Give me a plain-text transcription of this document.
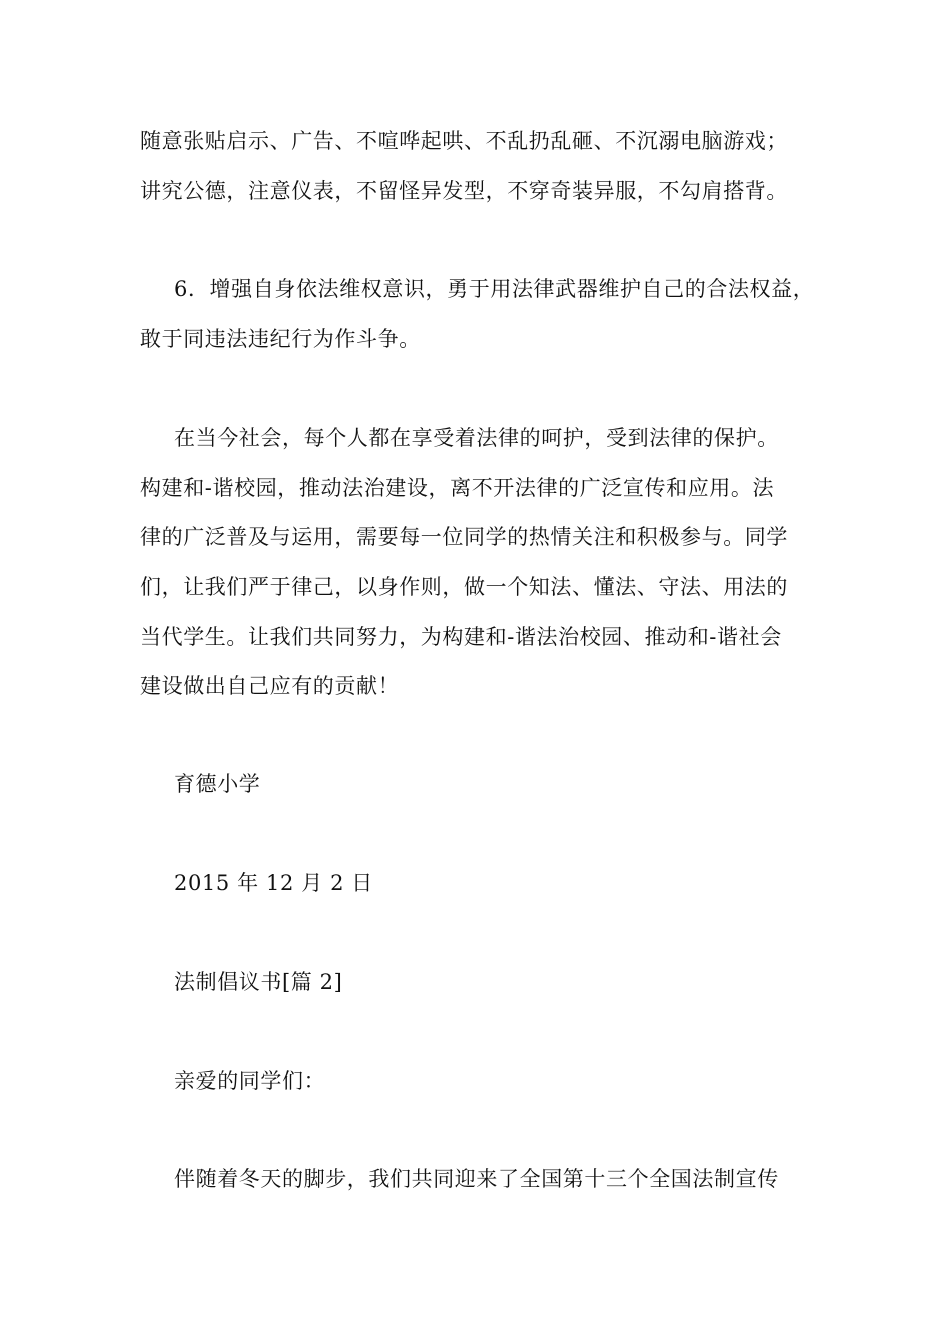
随意张贴启示、广告、不喧哗起哄、不乱扔乱砸、不沉溺电脑游戏；
讲究公德，注意仪表，不留怪异发型，不穿奇装异服，不勾肩搭背。
6．增强自身依法维权意识，勇于用法律武器维护自己的合法权益，
敢于同违法违纪行为作斗争。
在当今社会，每个人都在享受着法律的呵护，受到法律的保护。
构建和-谐校园，推动法治建设，离不开法律的广泛宣传和应用。法
律的广泛普及与运用，需要每一位同学的热情关注和积极参与。同学
们，让我们严于律己，以身作则，做一个知法、懂法、守法、用法的
当代学生。让我们共同努力，为构建和-谐法治校园、推动和-谐社会
建设做出自己应有的贡献！
育德小学
2015 年 12 月 2 日
法制倡议书[篇 2]
亲爱的同学们：
伴随着冬天的脚步，我们共同迎来了全国第十三个全国法制宣传
